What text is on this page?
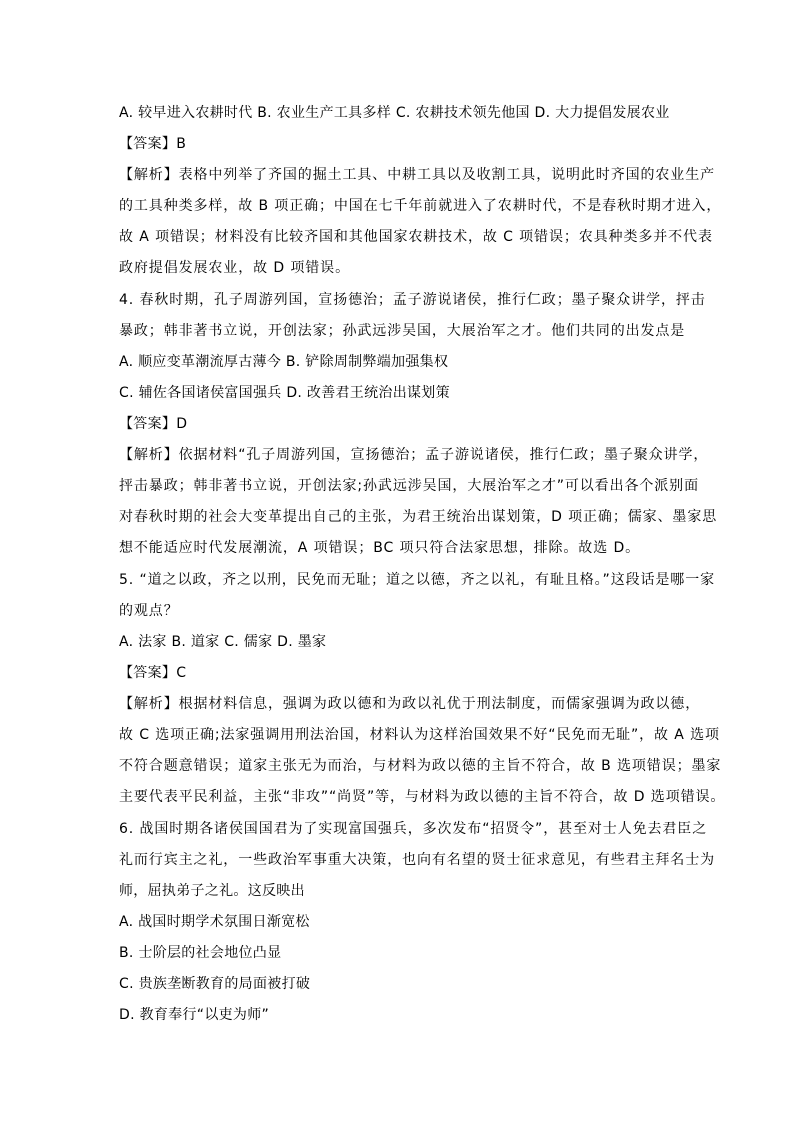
A. 较早进入农耕时代 B. 农业生产工具多样 C. 农耕技术领先他国 D. 大力提倡发展农业
【答案】B
【解析】表格中列举了齐国的掘土工具、中耕工具以及收割工具，说明此时齐国的农业生产
的工具种类多样，故 B 项正确；中国在七千年前就进入了农耕时代，不是春秋时期才进入，
故 A 项错误；材料没有比较齐国和其他国家农耕技术，故 C 项错误；农具种类多并不代表
政府提倡发展农业，故 D 项错误。
4. 春秋时期，孔子周游列国，宣扬德治；孟子游说诸侯，推行仁政；墨子聚众讲学，抨击
暴政；韩非著书立说，开创法家；孙武远涉吴国，大展治军之才。他们共同的出发点是
A. 顺应变革潮流厚古薄今 B. 铲除周制弊端加强集权
C. 辅佐各国诸侯富国强兵 D. 改善君王统治出谋划策
【答案】D
【解析】依据材料“孔子周游列国，宣扬德治；孟子游说诸侯，推行仁政；墨子聚众讲学，
抨击暴政；韩非著书立说，开创法家;孙武远涉吴国，大展治军之才”可以看出各个派别面
对春秋时期的社会大变革提出自己的主张，为君王统治出谋划策，D 项正确；儒家、墨家思
想不能适应时代发展潮流，A 项错误；BC 项只符合法家思想，排除。故选 D。
5. “道之以政，齐之以刑，民免而无耻；道之以德，齐之以礼，有耻且格。”这段话是哪一家
的观点？
A. 法家 B. 道家 C. 儒家 D. 墨家
【答案】C
【解析】根据材料信息，强调为政以德和为政以礼优于刑法制度，而儒家强调为政以德，
故 C 选项正确;法家强调用刑法治国，材料认为这样治国效果不好“民免而无耻”，故 A 选项
不符合题意错误；道家主张无为而治，与材料为政以德的主旨不符合，故 B 选项错误；墨家
主要代表平民利益，主张“非攻”“尚贤”等，与材料为政以德的主旨不符合，故 D 选项错误。
6. 战国时期各诸侯国国君为了实现富国强兵，多次发布“招贤令”，甚至对士人免去君臣之
礼而行宾主之礼，一些政治军事重大决策，也向有名望的贤士征求意见，有些君主拜名士为
师，屈执弟子之礼。这反映出
A. 战国时期学术氛围日渐宽松
B. 士阶层的社会地位凸显
C. 贵族垄断教育的局面被打破
D. 教育奉行“以吏为师”
